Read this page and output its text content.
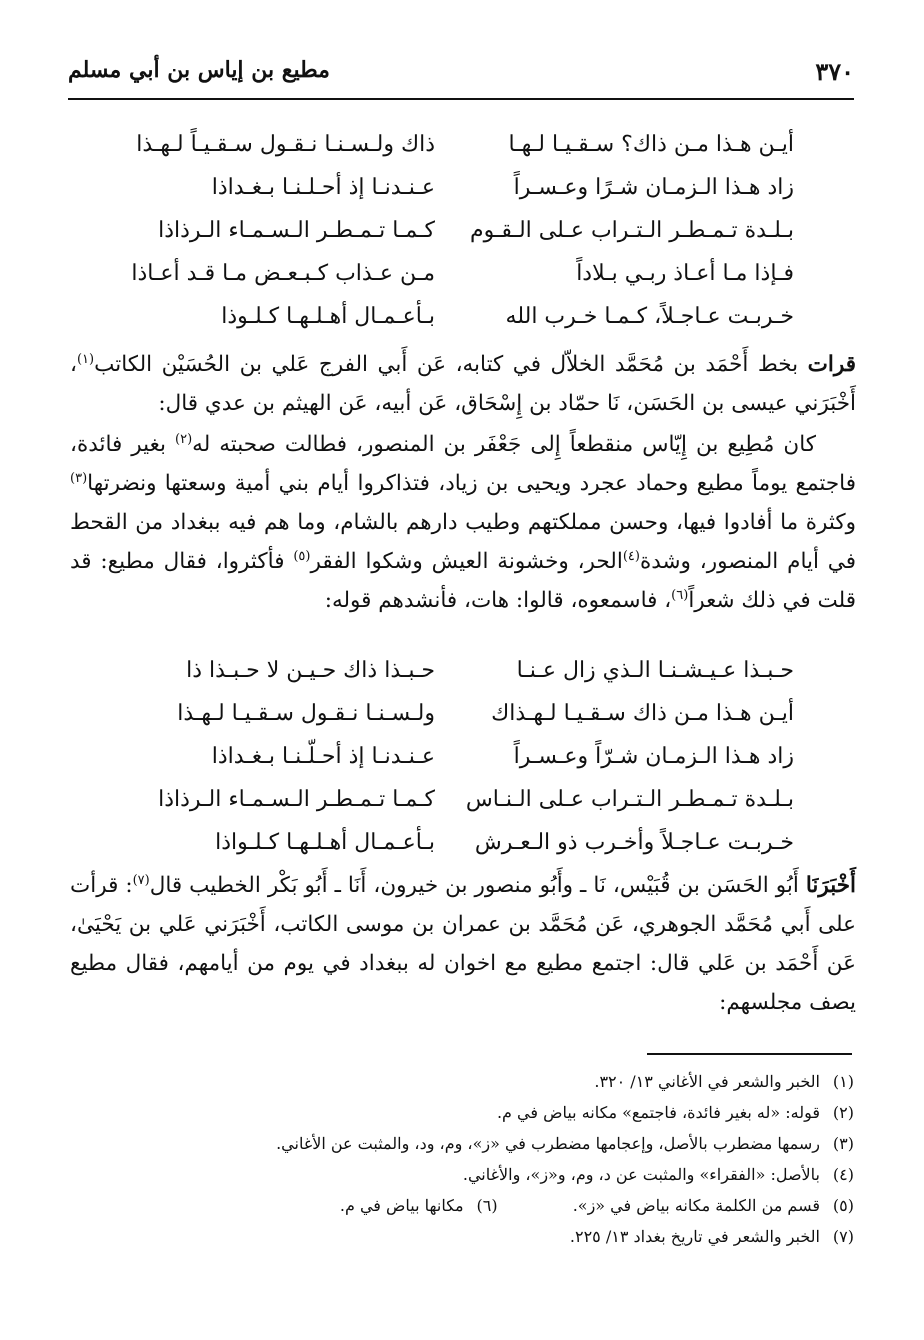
٣٧٠
مطيع بن إياس بن أبي مسلم
أيـن هـذا مـن ذاك؟ سـقـيـا لـهـا
ذاك ولـسـنـا نـقـول سـقـيـاً لـهـذا
زاد هـذا الـزمـان شـرًا وعـسـراً
عـنـدنـا إذ أحـلـنـا بـغـداذا
بـلـدة تـمـطـر الـتـراب عـلى الـقـوم
كـمـا تـمـطـر الـسـمـاء الـرذاذا
فـإذا مـا أعـاذ ربـي بـلاداً
مـن عـذاب كـبـعـض مـا قـد أعـاذا
خـربـت عـاجـلاً، كـمـا خـرب الله
بـأعـمـال أهـلـهـا كـلـوذا

قرات بخط أَحْمَد بن مُحَمَّد الخلاّل في كتابه، عَن أَبي الفرج عَلي بن الحُسَيْن الكاتب$^{(١)}$، أَخْبَرَني عيسى بن الحَسَن، نَا حمّاد بن إِسْحَاق، عَن أبيه، عَن الهيثم بن عدي قال:

كان مُطِيع بن إِيّاس منقطعاً إِلى جَعْفَر بن المنصور، فطالت صحبته له$^{(٢)}$ بغير فائدة، فاجتمع يوماً مطيع وحماد عجرد ويحيى بن زياد، فتذاكروا أيام بني أمية وسعتها ونضرتها$^{(٣)}$ وكثرة ما أفادوا فيها، وحسن مملكتهم وطيب دارهم بالشام، وما هم فيه ببغداد من القحط في أيام المنصور، وشدة$^{(٤)}$الحر، وخشونة العيش وشكوا الفقر$^{(٥)}$ فأكثروا، فقال مطيع: قد قلت في ذلك شعراً$^{(٦)}$، فاسمعوه، قالوا: هات، فأنشدهم قوله:

حـبـذا عـيـشـنـا الـذي زال عـنـا
حـبـذا ذاك حـيـن لا حـبـذا ذا
أيـن هـذا مـن ذاك سـقـيـا لـهـذاك
ولـسـنـا نـقـول سـقـيـا لـهـذا
زاد هـذا الـزمـان شـرّاً وعـسـراً
عـنـدنـا إذ أحـلّـنـا بـغـداذا
بـلـدة تـمـطـر الـتـراب عـلى الـنـاس
كـمـا تـمـطـر الـسـمـاء الـرذاذا
خـربـت عـاجـلاً وأخـرب ذو الـعـرش
بـأعـمـال أهـلـهـا كـلـواذا

أَخْبَرَنَا أَبُو الحَسَن بن قُبَيْس، نَا ـ وأَبُو منصور بن خيرون، أَنَا ـ أَبُو بَكْر الخطيب قال$^{(٧)}$: قرأت على أَبي مُحَمَّد الجوهري، عَن مُحَمَّد بن عمران بن موسى الكاتب، أَخْبَرَني عَلي بن يَحْيَىٰ، عَن أَحْمَد بن عَلي قال: اجتمع مطيع مع اخوان له ببغداد في يوم من أيامهم، فقال مطيع يصف مجلسهم:

(١)الخبر والشعر في الأغاني ١٣/ ٣٢٠.
(٢)قوله: «له بغير فائدة، فاجتمع» مكانه بياض في م.
(٣)رسمها مضطرب بالأصل، وإعجامها مضطرب في «ز»، وم، ود، والمثبت عن الأغاني.
(٤)بالأصل: «الفقراء» والمثبت عن د، وم، و«ز»، والأغاني.
(٥)قسم من الكلمة مكانه بياض في «ز». (٦)مكانها بياض في م.
(٧)الخبر والشعر في تاريخ بغداد ١٣/ ٢٢٥.
